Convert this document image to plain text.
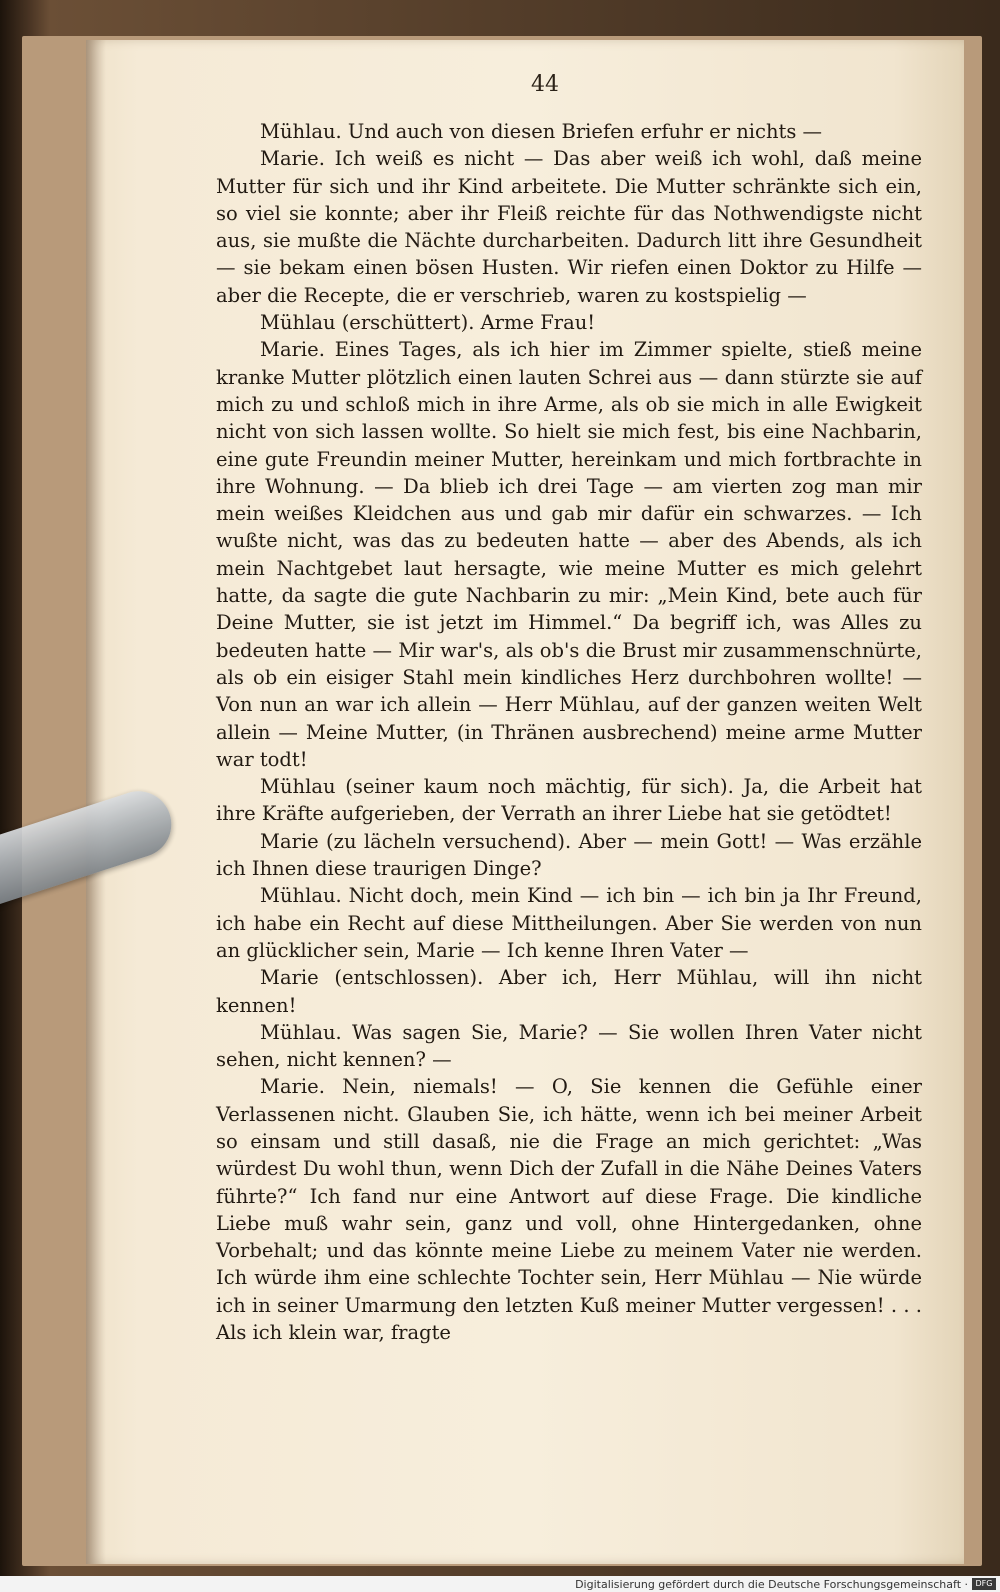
44

Mühlau. Und auch von diesen Briefen erfuhr er nichts —

Marie. Ich weiß es nicht — Das aber weiß ich wohl, daß meine Mutter für sich und ihr Kind arbeitete. Die Mutter schränkte sich ein, so viel sie konnte; aber ihr Fleiß reichte für das Nothwendigste nicht aus, sie mußte die Nächte durcharbeiten. Dadurch litt ihre Gesundheit — sie bekam einen bösen Husten. Wir riefen einen Doktor zu Hilfe — aber die Recepte, die er verschrieb, waren zu kostspielig —

Mühlau (erschüttert). Arme Frau!

Marie. Eines Tages, als ich hier im Zimmer spielte, stieß meine kranke Mutter plötzlich einen lauten Schrei aus — dann stürzte sie auf mich zu und schloß mich in ihre Arme, als ob sie mich in alle Ewigkeit nicht von sich lassen wollte. So hielt sie mich fest, bis eine Nachbarin, eine gute Freundin meiner Mutter, hereinkam und mich fortbrachte in ihre Wohnung. — Da blieb ich drei Tage — am vierten zog man mir mein weißes Kleidchen aus und gab mir dafür ein schwarzes. — Ich wußte nicht, was das zu bedeuten hatte — aber des Abends, als ich mein Nachtgebet laut hersagte, wie meine Mutter es mich gelehrt hatte, da sagte die gute Nachbarin zu mir: „Mein Kind, bete auch für Deine Mutter, sie ist jetzt im Himmel.“ Da begriff ich, was Alles zu bedeuten hatte — Mir war's, als ob's die Brust mir zusammenschnürte, als ob ein eisiger Stahl mein kindliches Herz durchbohren wollte! — Von nun an war ich allein — Herr Mühlau, auf der ganzen weiten Welt allein — Meine Mutter, (in Thränen ausbrechend) meine arme Mutter war todt!

Mühlau (seiner kaum noch mächtig, für sich). Ja, die Arbeit hat ihre Kräfte aufgerieben, der Verrath an ihrer Liebe hat sie getödtet!

Marie (zu lächeln versuchend). Aber — mein Gott! — Was erzähle ich Ihnen diese traurigen Dinge?

Mühlau. Nicht doch, mein Kind — ich bin — ich bin ja Ihr Freund, ich habe ein Recht auf diese Mittheilungen. Aber Sie werden von nun an glücklicher sein, Marie — Ich kenne Ihren Vater —

Marie (entschlossen). Aber ich, Herr Mühlau, will ihn nicht kennen!

Mühlau. Was sagen Sie, Marie? — Sie wollen Ihren Vater nicht sehen, nicht kennen? —

Marie. Nein, niemals! — O, Sie kennen die Gefühle einer Verlassenen nicht. Glauben Sie, ich hätte, wenn ich bei meiner Arbeit so einsam und still dasaß, nie die Frage an mich gerichtet: „Was würdest Du wohl thun, wenn Dich der Zufall in die Nähe Deines Vaters führte?“ Ich fand nur eine Antwort auf diese Frage. Die kindliche Liebe muß wahr sein, ganz und voll, ohne Hintergedanken, ohne Vorbehalt; und das könnte meine Liebe zu meinem Vater nie werden. Ich würde ihm eine schlechte Tochter sein, Herr Mühlau — Nie würde ich in seiner Umarmung den letzten Kuß meiner Mutter vergessen! . . . Als ich klein war, fragte

Digitalisierung gefördert durch die Deutsche Forschungsgemeinschaft · DFG
